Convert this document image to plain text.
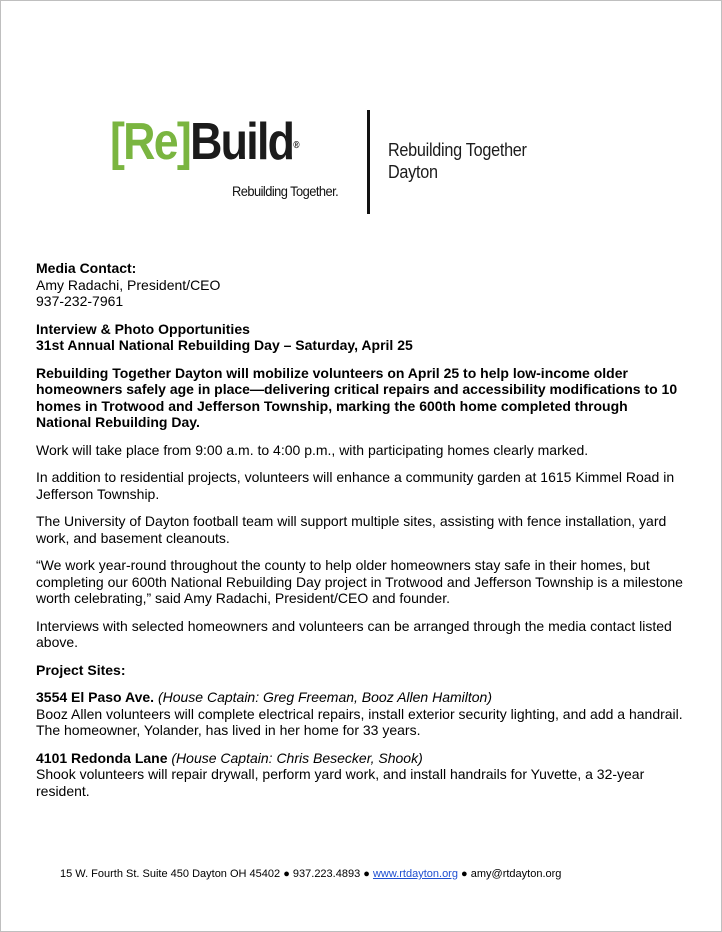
[Re]Build®
Rebuilding Together.
Rebuilding Together
Dayton

Media Contact:
Amy Radachi, President/CEO
937-232-7961

Interview & Photo Opportunities
31st Annual National Rebuilding Day – Saturday, April 25

Rebuilding Together Dayton will mobilize volunteers on April 25 to help low-income older homeowners safely age in place—delivering critical repairs and accessibility modifications to 10 homes in Trotwood and Jefferson Township, marking the 600th home completed through National Rebuilding Day.

Work will take place from 9:00 a.m. to 4:00 p.m., with participating homes clearly marked.

In addition to residential projects, volunteers will enhance a community garden at 1615 Kimmel Road in Jefferson Township.

The University of Dayton football team will support multiple sites, assisting with fence installation, yard work, and basement cleanouts.

“We work year-round throughout the county to help older homeowners stay safe in their homes, but completing our 600th National Rebuilding Day project in Trotwood and Jefferson Township is a milestone worth celebrating,” said Amy Radachi, President/CEO and founder.

Interviews with selected homeowners and volunteers can be arranged through the media contact listed above.

Project Sites:

3554 El Paso Ave. (House Captain: Greg Freeman, Booz Allen Hamilton)
Booz Allen volunteers will complete electrical repairs, install exterior security lighting, and add a handrail. The homeowner, Yolander, has lived in her home for 33 years.

4101 Redonda Lane (House Captain: Chris Besecker, Shook)
Shook volunteers will repair drywall, perform yard work, and install handrails for Yuvette, a 32-year resident.

15 W. Fourth St. Suite 450 Dayton OH 45402 ● 937.223.4893 ● www.rtdayton.org ● amy@rtdayton.org
